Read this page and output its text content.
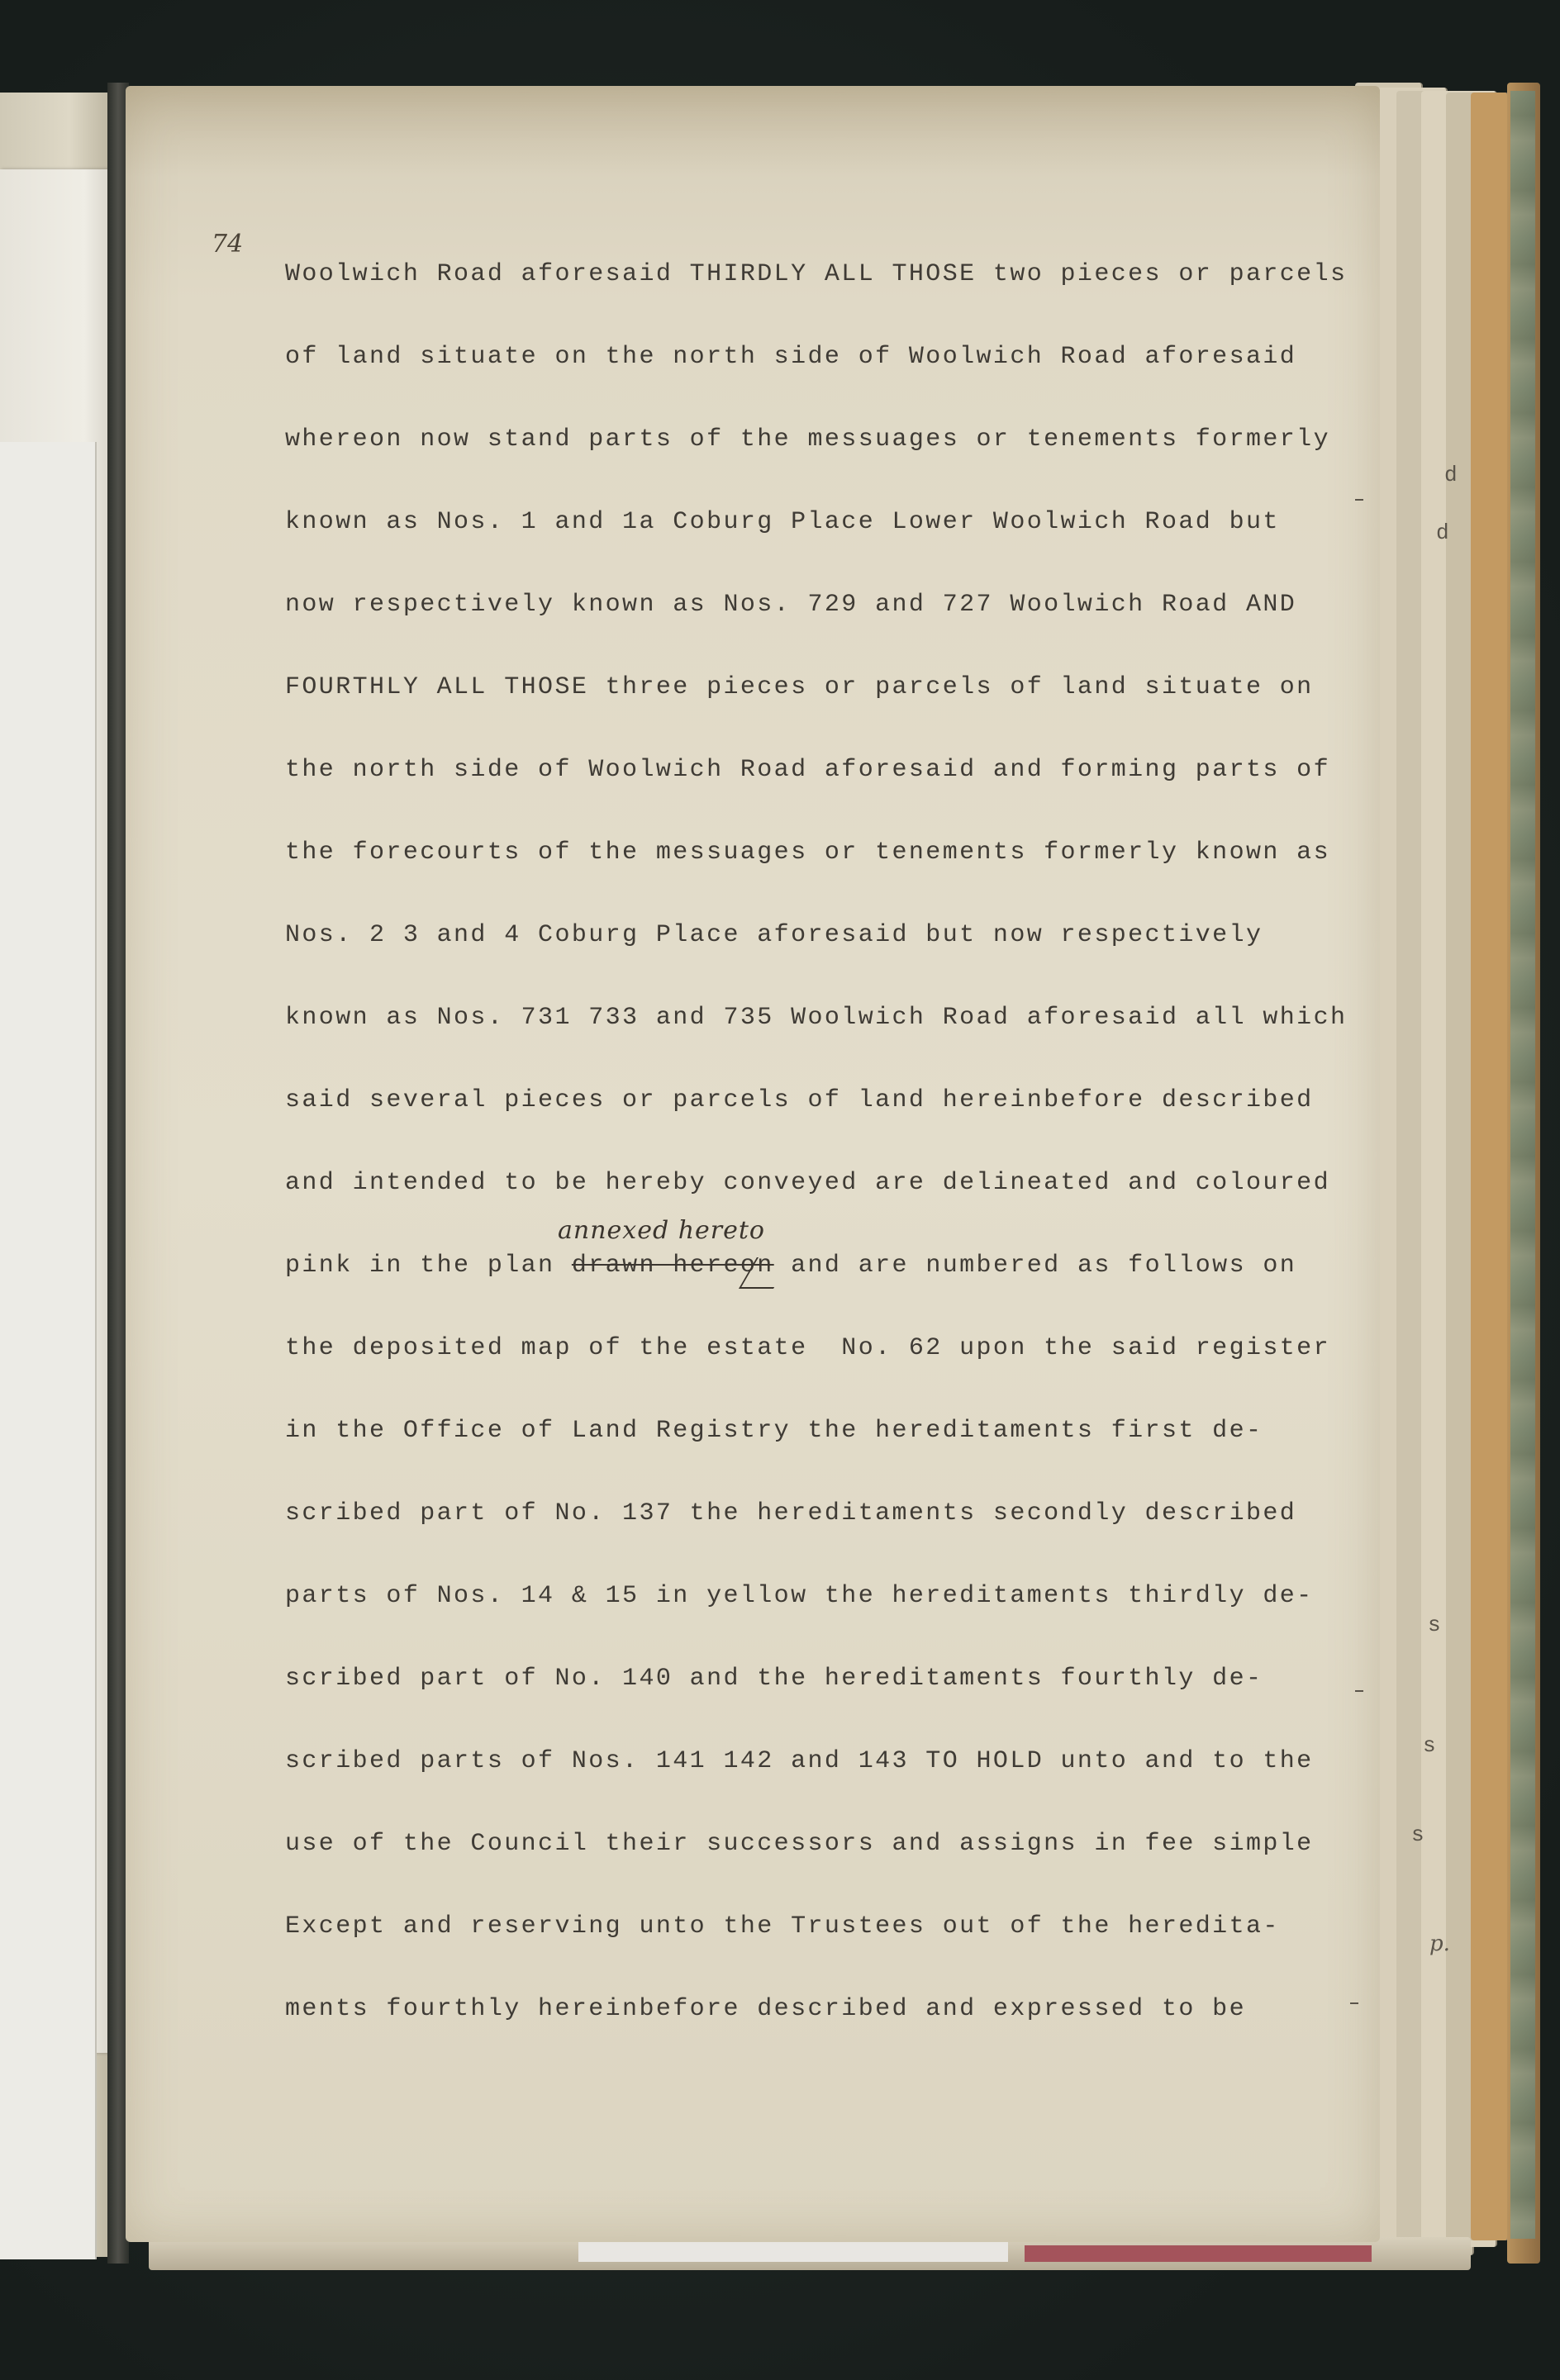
d
d
s
s
s
p.
74
Woolwich Road aforesaid THIRDLY ALL THOSE two pieces or parcels
of land situate on the north side of Woolwich Road aforesaid
whereon now stand parts of the messuages or tenements formerly
known as Nos. 1 and 1a Coburg Place Lower Woolwich Road but
now respectively known as Nos. 729 and 727 Woolwich Road AND
FOURTHLY ALL THOSE three pieces or parcels of land situate on
the north side of Woolwich Road aforesaid and forming parts of
the forecourts of the messuages or tenements formerly known as
Nos. 2 3 and 4 Coburg Place aforesaid but now respectively
known as Nos. 731 733 and 735 Woolwich Road aforesaid all which
said several pieces or parcels of land hereinbefore described
and intended to be hereby conveyed are delineated and coloured
pink in the plan drawn hereon and are numbered as follows on
annexed hereto
the deposited map of the estate  No. 62 upon the said register
in the Office of Land Registry the hereditaments first de-
scribed part of No. 137 the hereditaments secondly described
parts of Nos. 14 & 15 in yellow the hereditaments thirdly de-
scribed part of No. 140 and the hereditaments fourthly de-
scribed parts of Nos. 141 142 and 143 TO HOLD unto and to the
use of the Council their successors and assigns in fee simple
Except and reserving unto the Trustees out of the heredita-
ments fourthly hereinbefore described and expressed to be
